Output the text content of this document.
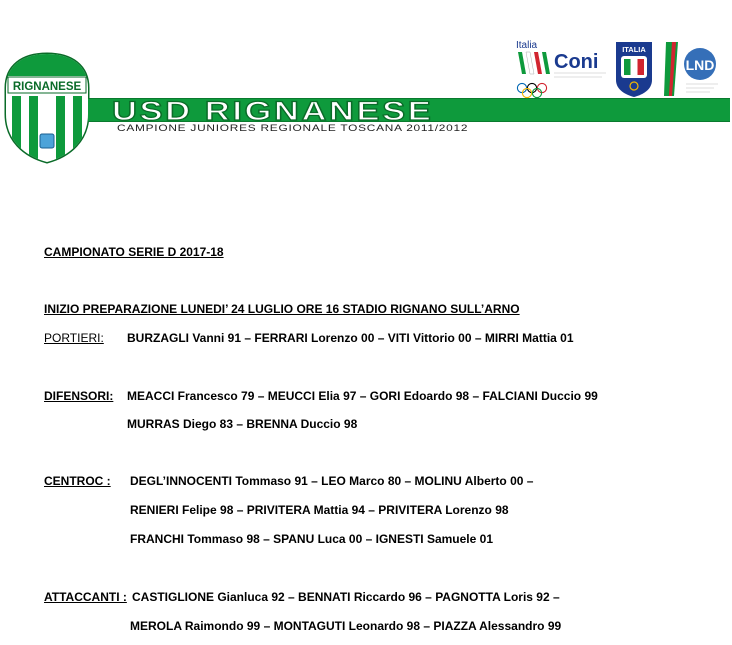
RIGNANESE
USD RIGNANESE
CAMPIONE JUNIORES REGIONALE TOSCANA 2011/2012
Italia
Coni
ITALIA
LND
CAMPIONATO SERIE D 2017-18
INIZIO PREPARAZIONE LUNEDI’ 24 LUGLIO ORE 16 STADIO RIGNANO SULL’ARNO
PORTIERI: BURZAGLI Vanni 91 – FERRARI Lorenzo 00 – VITI Vittorio 00 – MIRRI Mattia 01
DIFENSORI: MEACCI Francesco 79 – MEUCCI Elia 97 – GORI Edoardo 98 – FALCIANI Duccio 99
MURRAS Diego 83 – BRENNA Duccio 98
CENTROC : DEGL’INNOCENTI Tommaso 91 – LEO Marco 80 – MOLINU Alberto 00 –
RENIERI Felipe 98 – PRIVITERA Mattia 94 – PRIVITERA Lorenzo 98
FRANCHI Tommaso 98 – SPANU Luca 00 – IGNESTI Samuele 01
ATTACCANTI : CASTIGLIONE Gianluca 92 – BENNATI Riccardo 96 – PAGNOTTA Loris 92 –
MEROLA Raimondo 99 – MONTAGUTI Leonardo 98 – PIAZZA Alessandro 99
